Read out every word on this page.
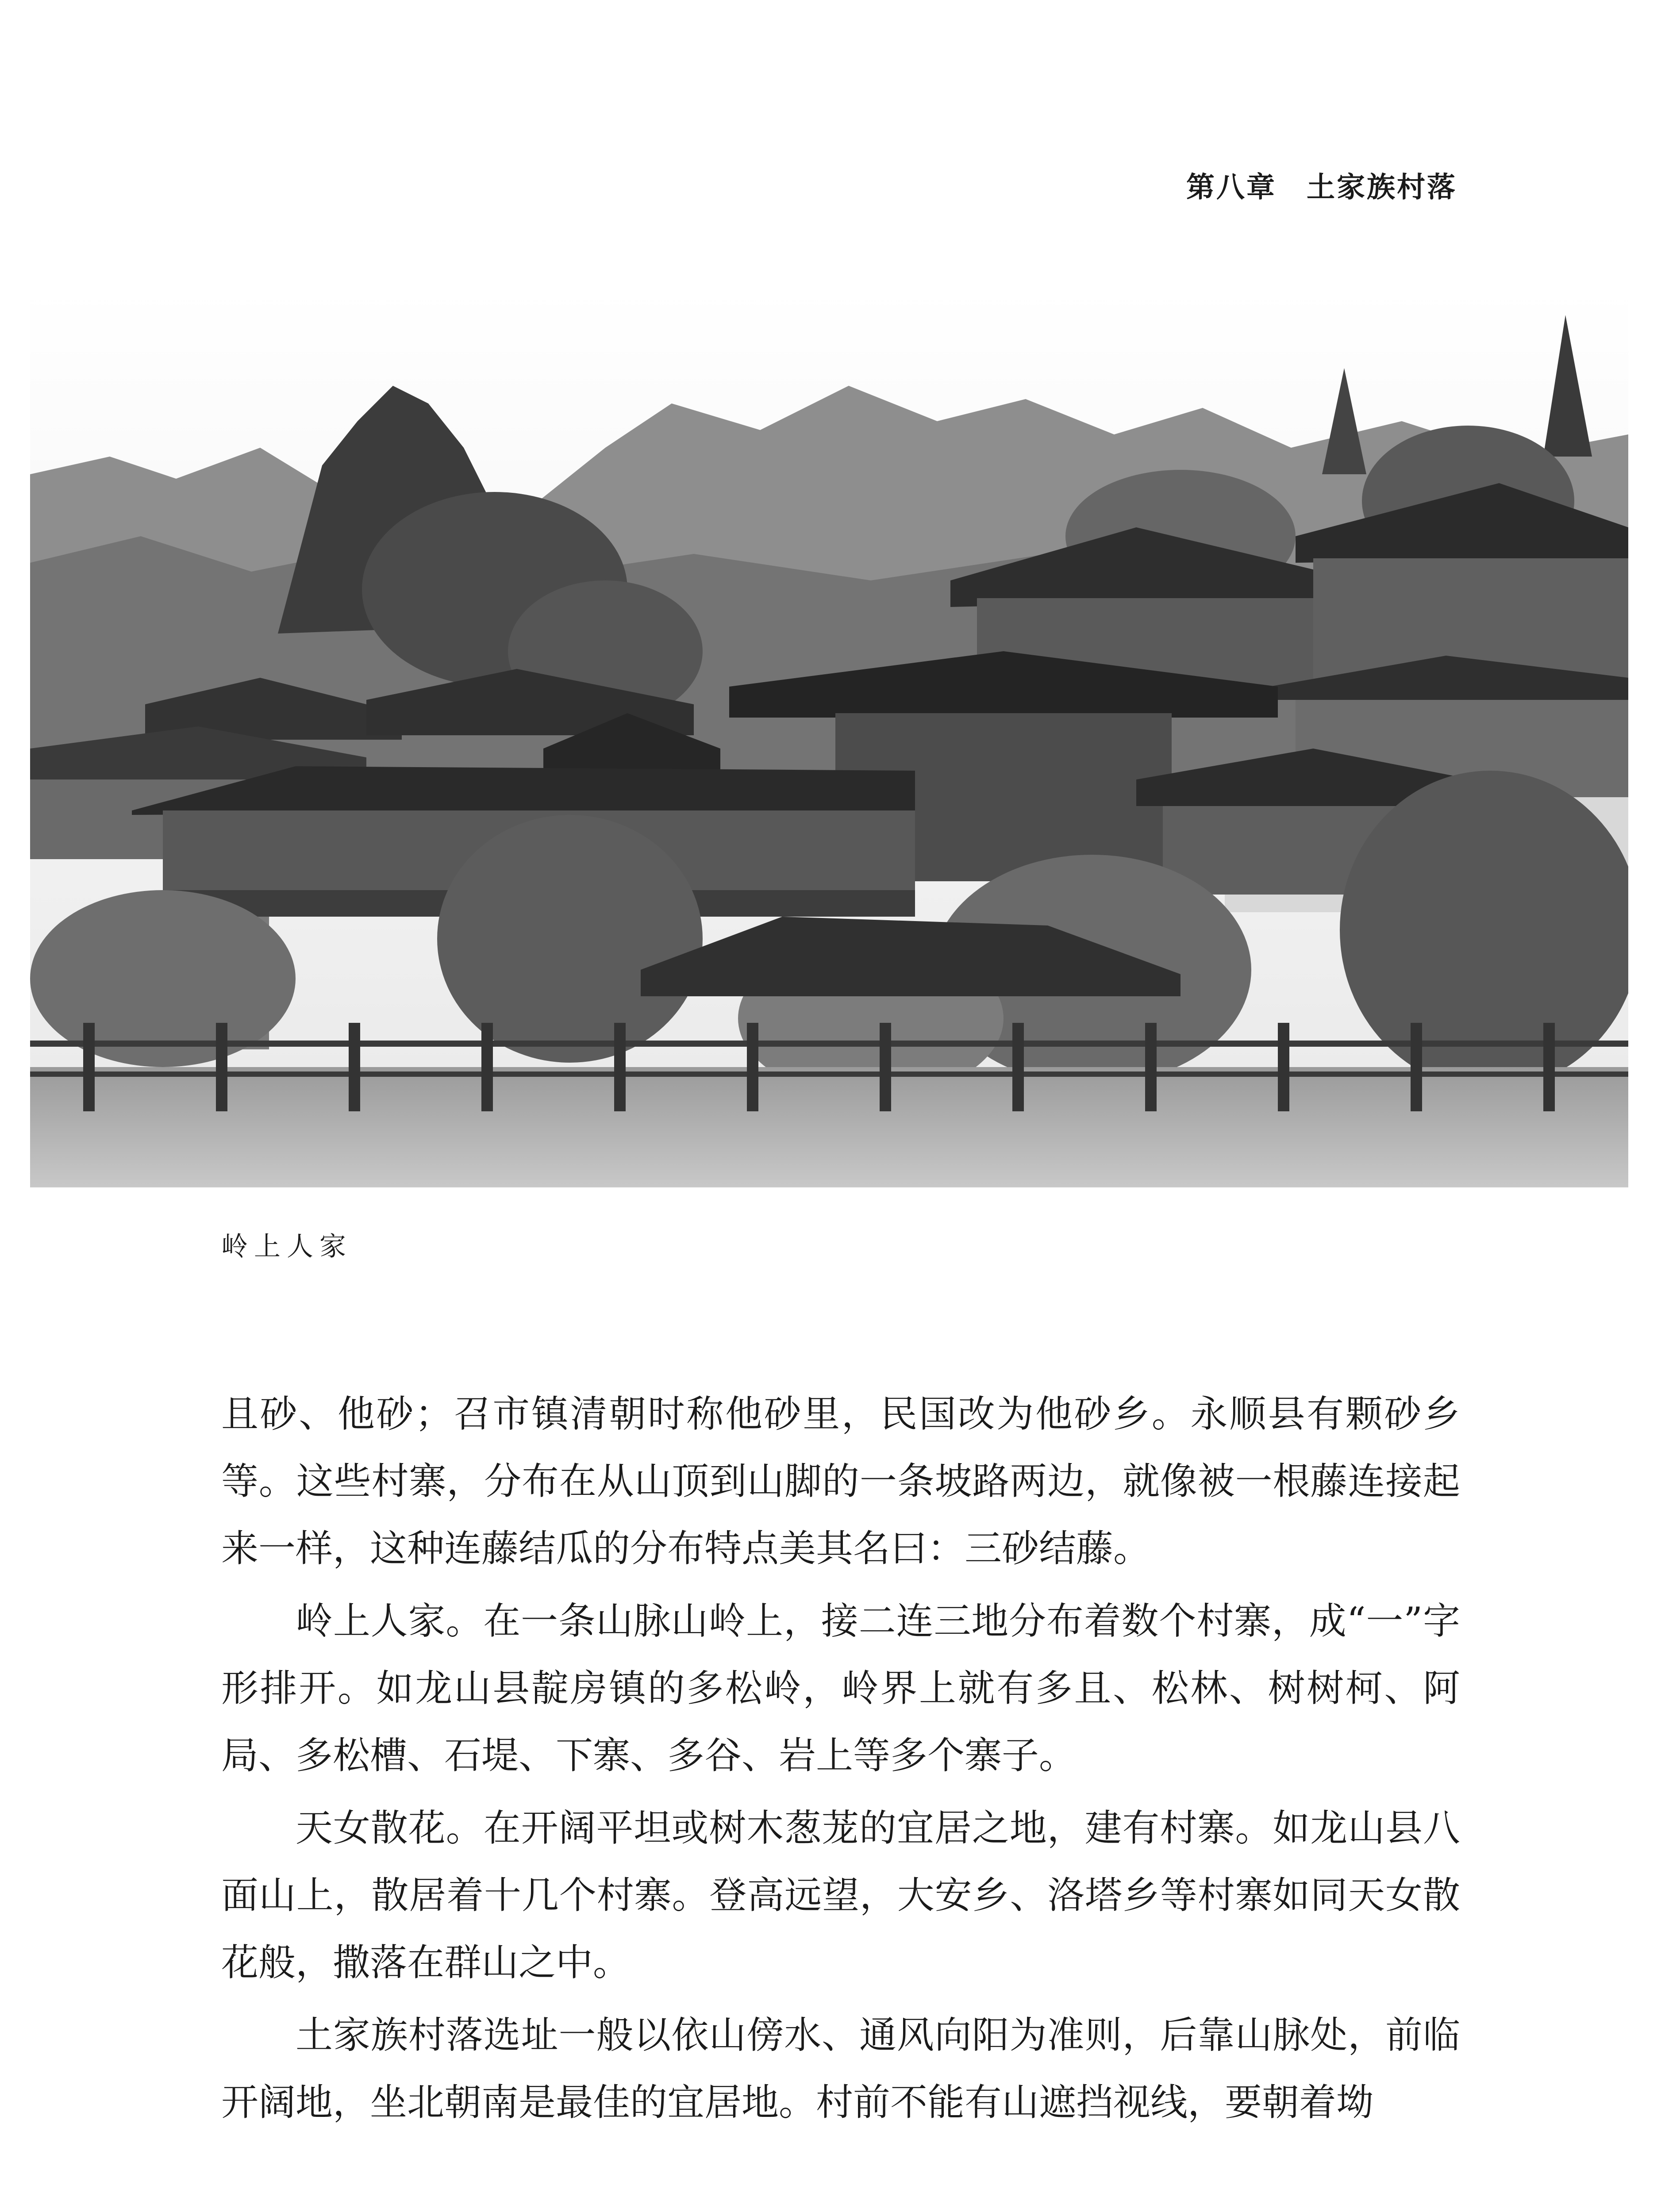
第八章　土家族村落
岭上人家

且砂、他砂；召市镇清朝时称他砂里，民国改为他砂乡。永顺县有颗砂乡等。这些村寨，分布在从山顶到山脚的一条坡路两边，就像被一根藤连接起来一样，这种连藤结瓜的分布特点美其名曰：三砂结藤。

岭上人家。在一条山脉山岭上，接二连三地分布着数个村寨，成“一”字形排开。如龙山县靛房镇的多松岭，岭界上就有多且、松林、树树柯、阿局、多松槽、石堤、下寨、多谷、岩上等多个寨子。

天女散花。在开阔平坦或树木葱茏的宜居之地，建有村寨。如龙山县八面山上，散居着十几个村寨。登高远望，大安乡、洛塔乡等村寨如同天女散花般，撒落在群山之中。

土家族村落选址一般以依山傍水、通风向阳为准则，后靠山脉处，前临开阔地，坐北朝南是最佳的宜居地。村前不能有山遮挡视线，要朝着坳
